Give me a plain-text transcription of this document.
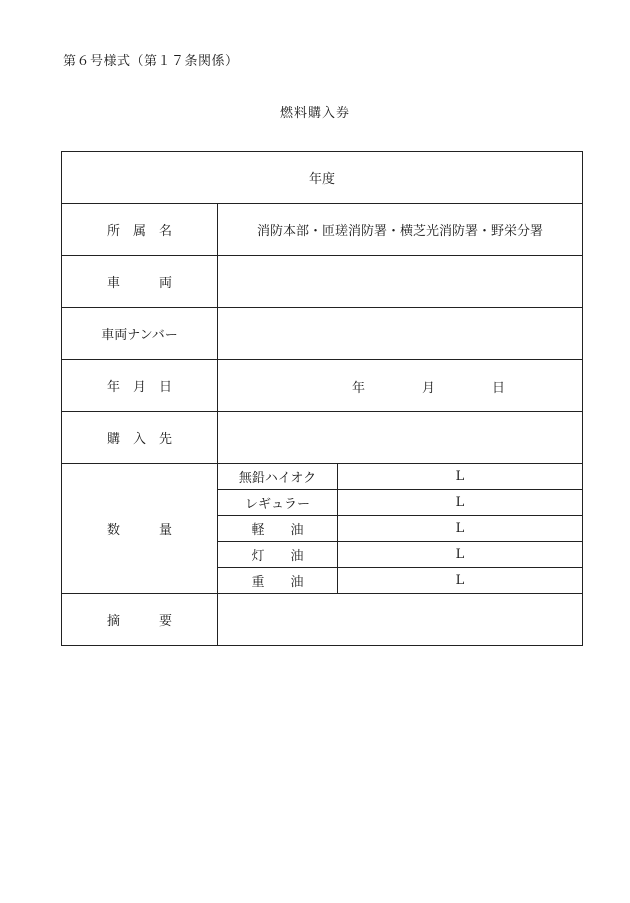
第６号様式（第１７条関係）
燃料購入券
年度		
所　属　名	消防本部・匝瑳消防署・横芝光消防署・野栄分署	
車　　　両		
車両ナンバー		
年　月　日	年 月 日	

購　入　先		
数　　　量	無鉛ハイオク	L
	レギュラー	L
	軽　　油	L
	灯　　油	L
	重　　油	L
摘　　　要		
